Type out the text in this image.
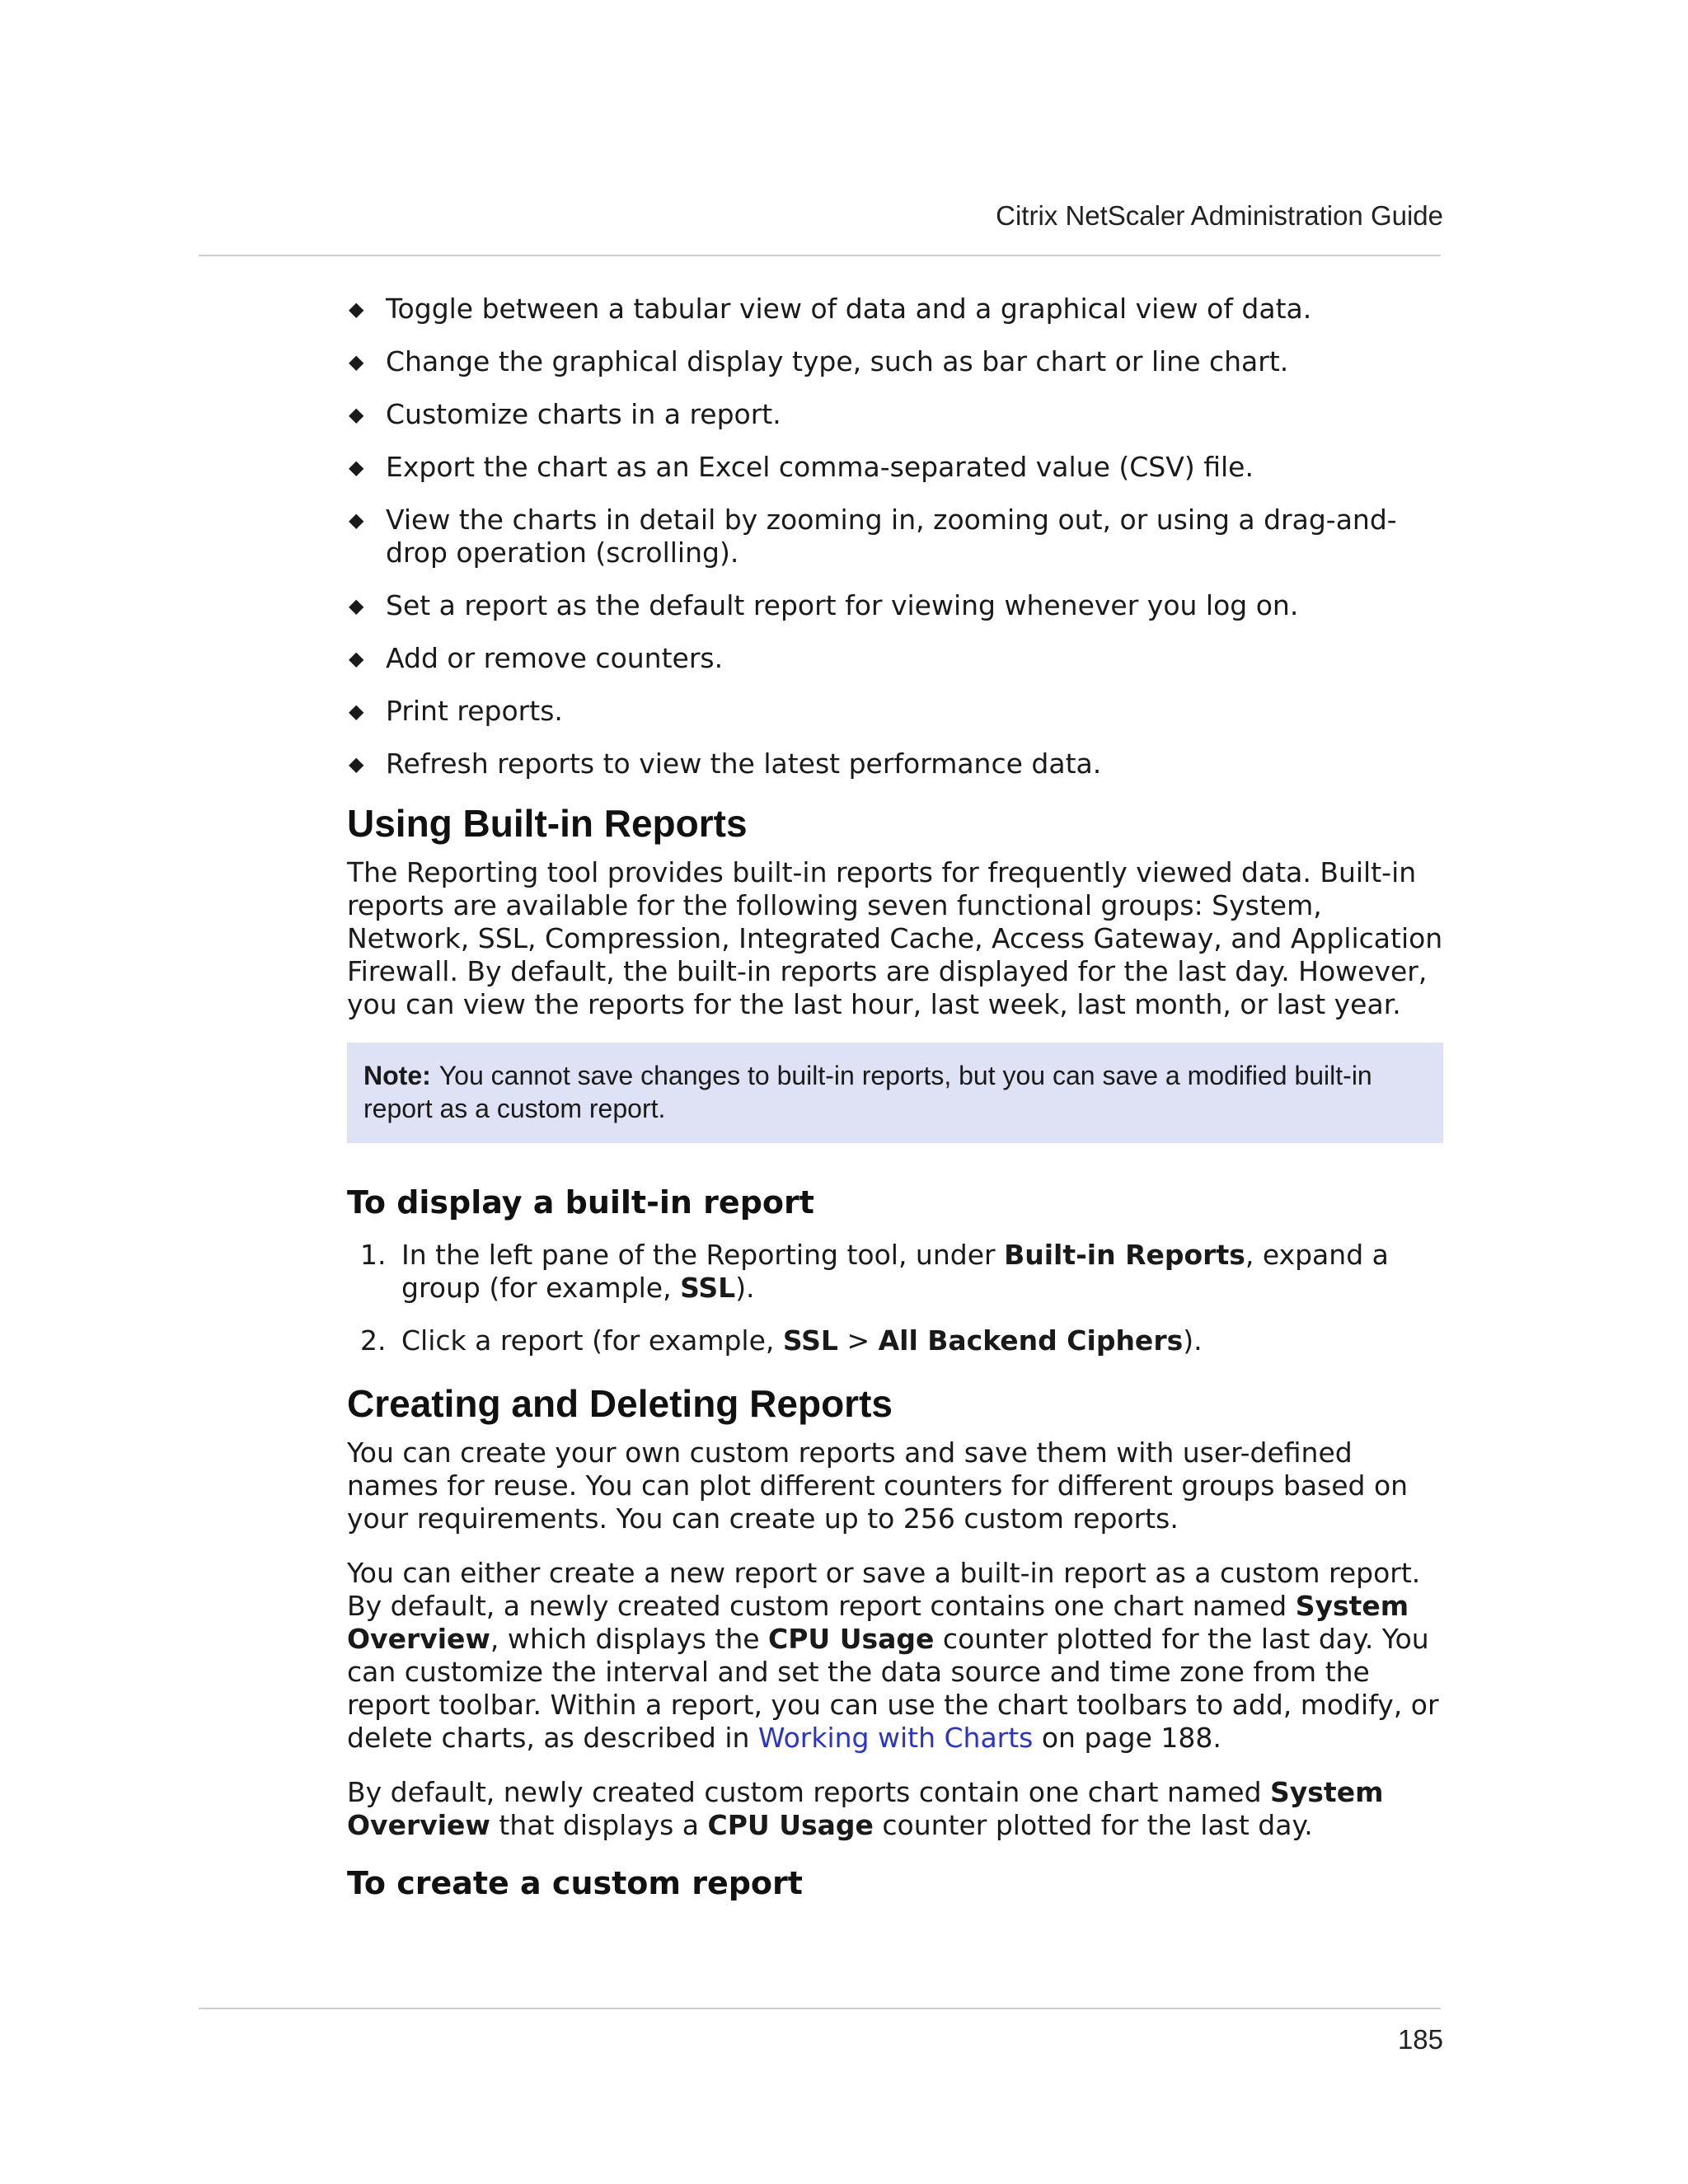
Citrix NetScaler Administration Guide
◆ Toggle between a tabular view of data and a graphical view of data.
◆ Change the graphical display type, such as bar chart or line chart.
◆ Customize charts in a report.
◆ Export the chart as an Excel comma-separated value (CSV) file.
◆ View the charts in detail by zooming in, zooming out, or using a drag-and-drop operation (scrolling).
◆ Set a report as the default report for viewing whenever you log on.
◆ Add or remove counters.
◆ Print reports.
◆ Refresh reports to view the latest performance data.
Using Built-in Reports

The Reporting tool provides built-in reports for frequently viewed data. Built-in reports are available for the following seven functional groups: System, Network, SSL, Compression, Integrated Cache, Access Gateway, and Application Firewall. By default, the built-in reports are displayed for the last day. However, you can view the reports for the last hour, last week, last month, or last year.

Note: You cannot save changes to built-in reports, but you can save a modified built-in report as a custom report.
To display a built-in report
1. In the left pane of the Reporting tool, under Built-in Reports, expand a group (for example, SSL).
2. Click a report (for example, SSL > All Backend Ciphers).
Creating and Deleting Reports

You can create your own custom reports and save them with user-defined names for reuse. You can plot different counters for different groups based on your requirements. You can create up to 256 custom reports.

You can either create a new report or save a built-in report as a custom report. By default, a newly created custom report contains one chart named System Overview, which displays the CPU Usage counter plotted for the last day. You can customize the interval and set the data source and time zone from the report toolbar. Within a report, you can use the chart toolbars to add, modify, or delete charts, as described in Working with Charts on page 188.

By default, newly created custom reports contain one chart named System Overview that displays a CPU Usage counter plotted for the last day.

To create a custom report
185
